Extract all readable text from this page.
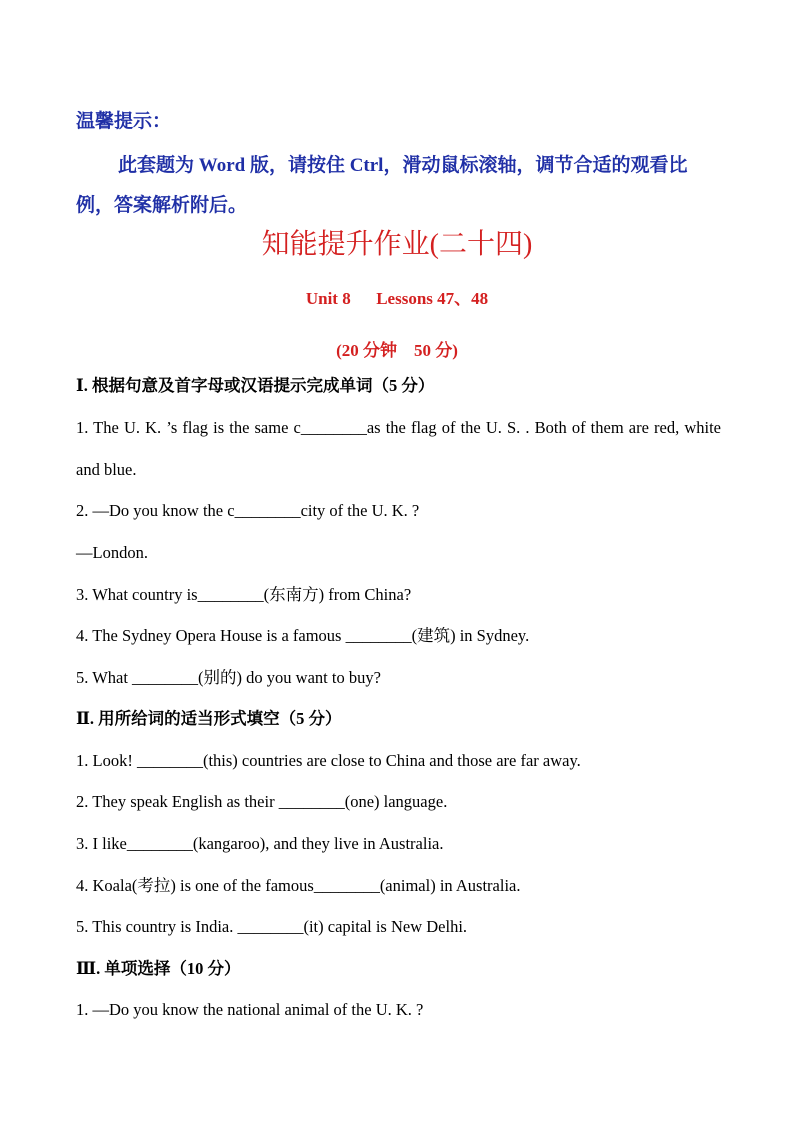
温馨提示：
此套题为 Word 版，请按住 Ctrl，滑动鼠标滚轴，调节合适的观看比例，答案解析附后。
知能提升作业(二十四)
Unit 8      Lessons 47、48
(20 分钟    50 分)
Ⅰ. 根据句意及首字母或汉语提示完成单词（5 分）
1. The U. K. ’s flag is the same c________as the flag of the U. S. . Both of them are red, white and blue.
2. —Do you know the c________city of the U. K. ?
—London.
3. What country is________(东南方) from China?
4. The Sydney Opera House is a famous ________(建筑) in Sydney.
5. What ________(别的) do you want to buy?
Ⅱ. 用所给词的适当形式填空（5 分）
1. Look! ________(this) countries are close to China and those are far away.
2. They speak English as their ________(one) language.
3. I like________(kangaroo), and they live in Australia.
4. Koala(考拉) is one of the famous________(animal) in Australia.
5. This country is India. ________(it) capital is New Delhi.
Ⅲ. 单项选择（10 分）
1. —Do you know the national animal of the U. K. ?
